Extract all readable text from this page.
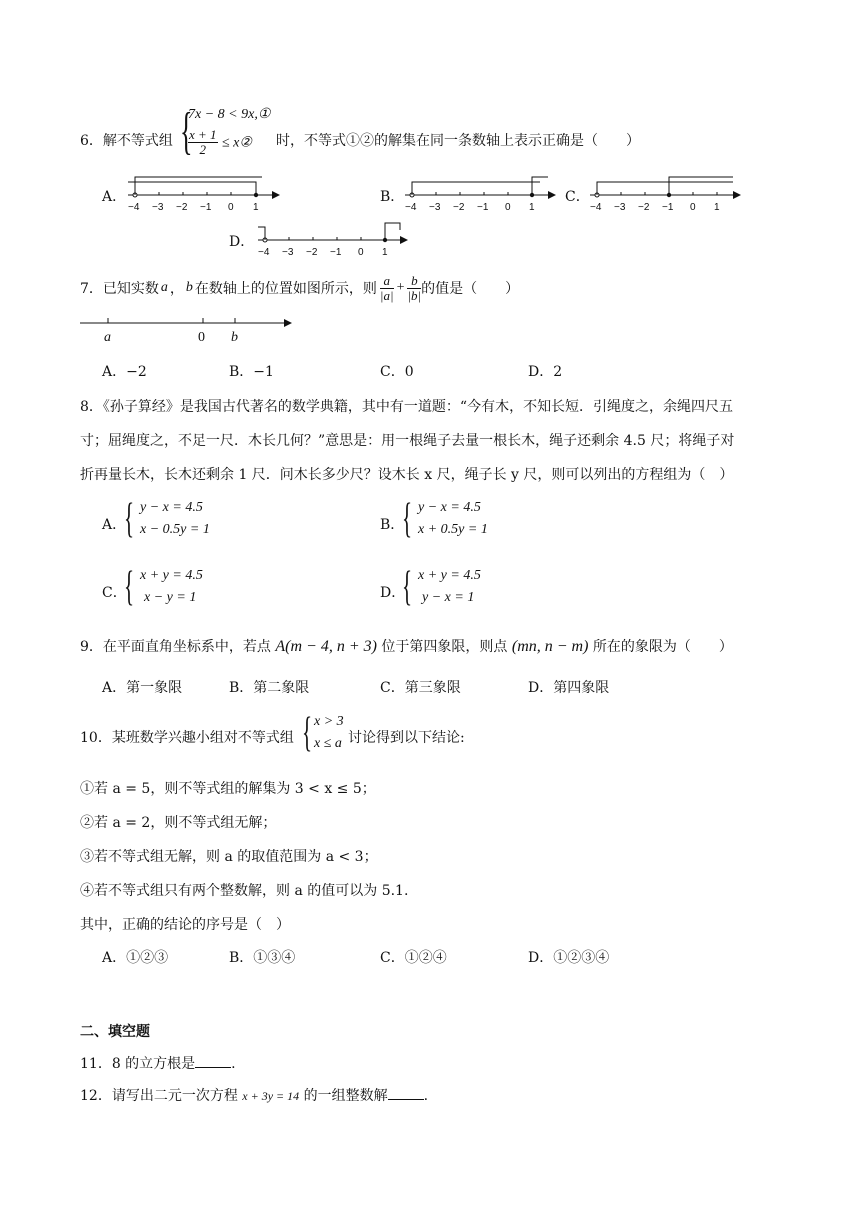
6．解不等式组 {
7x − 8 < 9x,①
$\frac{x + 1}{2}$ ≤ x② 时，不等式①②的解集在同一条数轴上表示正确是（　　）
A．	B．	C．
D．
−4 −3 −2 −1 0 1	−4 −3 −2 −1 0 1	−4 −3 −2 −1 0 1
−4 −3 −2 −1 0 1
7．已知实数 a ， b 在数轴上的位置如图所示，则 $\frac{a}{|a|} + \frac{b}{|b|}$ 的值是（　　）
a	0 b
A．−2	B．−1	C．0	D．2
8．《孙子算经》是我国古代著名的数学典籍，其中有一道题：“今有木，不知长短．引绳度之，余绳四尺五
寸；屈绳度之，不足一尺．木长几何？”意思是：用一根绳子去量一根长木，绳子还剩余 4.5 尺；将绳子对
折再量长木，长木还剩余 1 尺．问木长多少尺？设木长 x 尺，绳子长 y 尺，则可以列出的方程组为（　）
A．
{ y − x = 4.5
x − 0.5y = 1	B．
{ y − x = 4.5
x + 0.5y = 1
C．
{ x + y = 4.5
x − y = 1	D．
{ x + y = 4.5
y − x = 1
9．在平面直角坐标系中，若点 A(m − 4, n + 3) 位于第四象限，则点 (mn, n − m) 所在的象限为（　　）
A．第一象限	B．第二象限	C．第三象限	D．第四象限
10．某班数学兴趣小组对不等式组 { x > 3
x ≤ a 讨论得到以下结论:
①若 a = 5，则不等式组的解集为 3 < x ≤ 5；
②若 a = 2，则不等式组无解；
③若不等式组无解，则 a 的取值范围为 a < 3；
④若不等式组只有两个整数解，则 a 的值可以为 5.1.
其中，正确的结论的序号是（　）
A．①②③	B．①③④	C．①②④	D．①②③④
二、填空题
11．8 的立方根是	.
12．请写出二元一次方程 x + 3y = 14 的一组整数解	.
